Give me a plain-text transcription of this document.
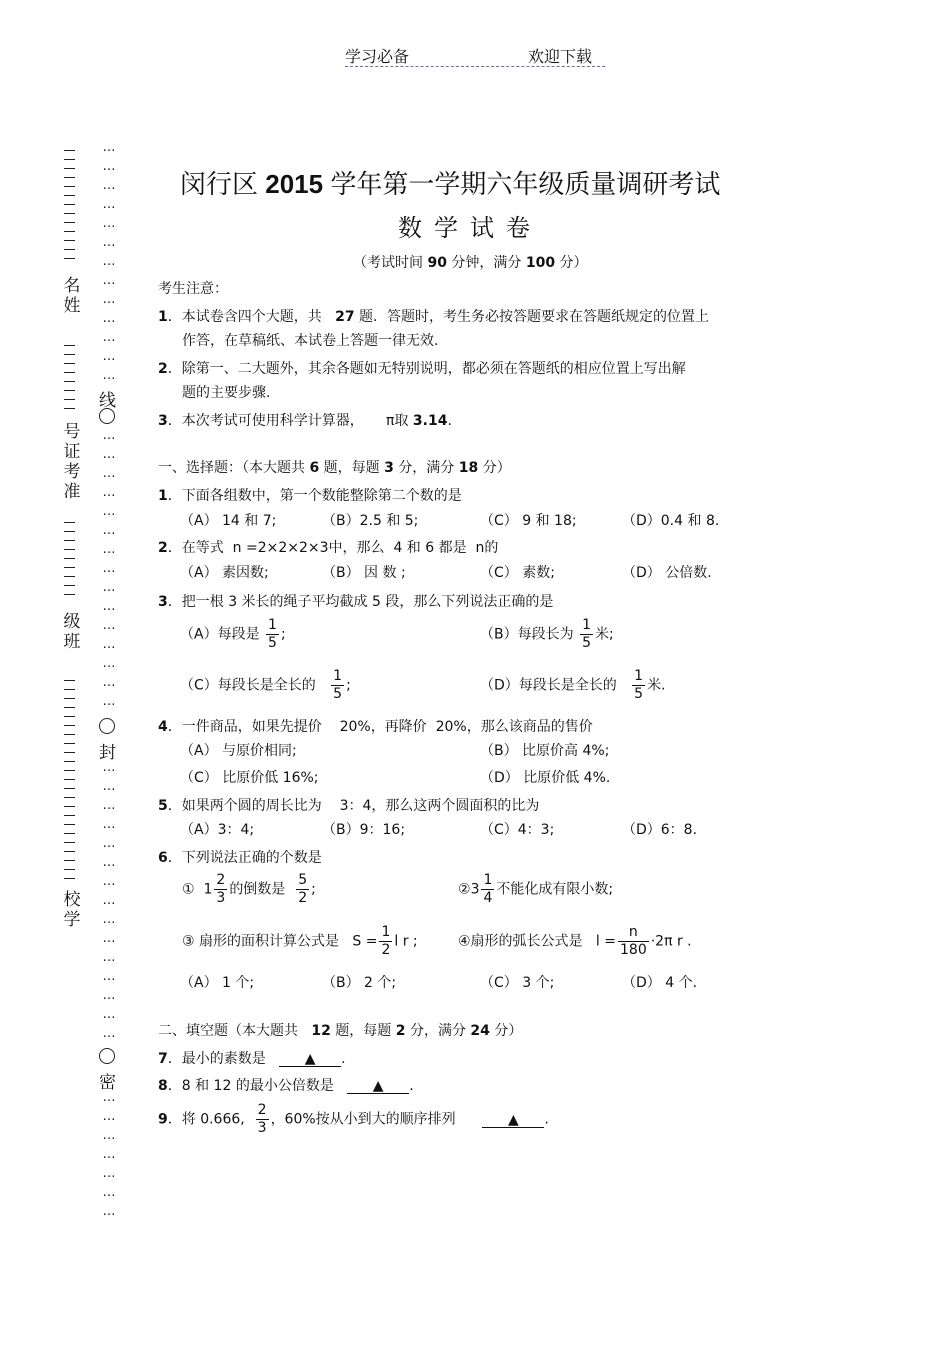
学习必备	欢迎下载
名姓
号证考准
级班
校学
…
…
…
…
…
…
…
…
…
…
…
…
…
线
…
…
…
…
…
…
…
…
…
…
…
…
…
…
…
封
…
…
…
…
…
…
…
…
…
…
…
…
…
…
…
密
…
…
…
…
…
…
…
闵行区 2015 学年第一学期六年级质量调研考试
数学试卷
（考试时间 90 分钟，满分 100 分）
考生注意：
1．本试卷含四个大题，共 27 题．答题时，考生务必按答题要求在答题纸规定的位置上
作答，在草稿纸、本试卷上答题一律无效.
2．除第一、二大题外，其余各题如无特别说明，都必须在答题纸的相应位置上写出解
题的主要步骤.
3．本次考试可使用科学计算器， π取 3.14.
一、选择题：（本大题共 6 题，每题 3 分，满分 18 分）
1．下面各组数中，第一个数能整除第二个数的是
（A） 14 和 7;	（B）2.5 和 5;	（C） 9 和 18;	（D）0.4 和 8.
2．在等式 n =2×2×2×3中，那么 4 和 6 都是 n的
（A） 素因数;	（B） 因 数 ;	（C） 素数;	（D） 公倍数.
3．把一根 3 米长的绳子平均截成 5 段，那么下列说法正确的是
（A）每段是 $\frac{1}{5}$ ;	（B）每段长为 $\frac{1}{5}$ 米;
（C）每段长是全长的 $\frac{1}{5}$ ;	（D）每段长是全长的 $\frac{1}{5}$ 米.
4．一件商品，如果先提价 20%，再降价 20%，那么该商品的售价
（A） 与原价相同;	（B） 比原价高 4%;
（C） 比原价低 16%;	（D） 比原价低 4%.
5．如果两个圆的周长比为 3：4，那么这两个圆面积的比为
（A）3：4;	（B）9：16;	（C）4：3;	（D）6：8.
6．下列说法正确的个数是
① $1 \frac{2}{3}$ 的倒数是 $\frac{5}{2}$ ;	②3 $\frac{1}{4}$ 不能化成有限小数;
③ 扇形的面积计算公式是 $S = \frac{1}{2}$ l r ;	④扇形的弧长公式是 $l = \frac{n}{180} \cdot 2\pi$ r .
（A） 1 个;	（B） 2 个;	（C） 3 个;	（D） 4 个.
二、填空题（本大题共 12 题，每题 2 分，满分 24 分）
7．最小的素数是	▲ .
8．8 和 12 的最小公倍数是	▲ .
9．将 0.666, $\frac{2}{3}$ ，60%按从小到大的顺序排列	▲ .
